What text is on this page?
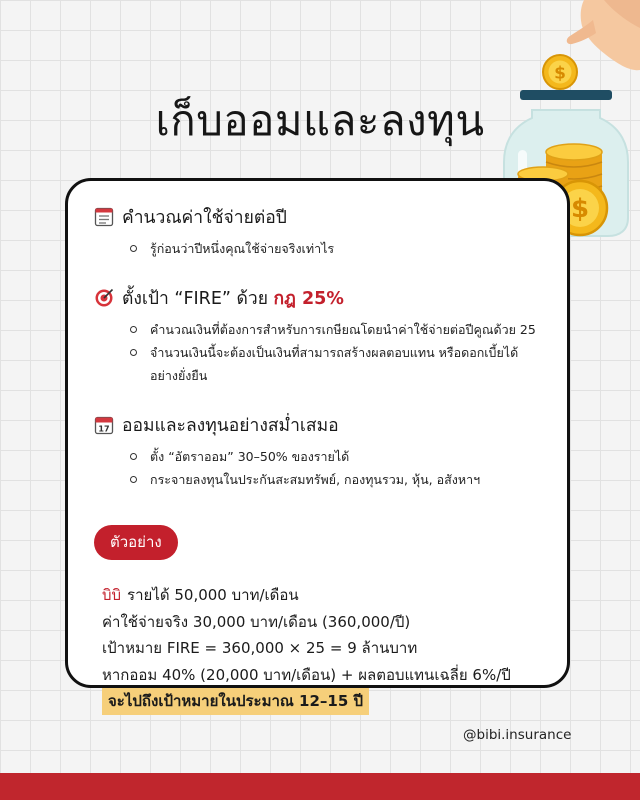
$
$
เก็บออมและลงทุน
คำนวณค่าใช้จ่ายต่อปี
รู้ก่อนว่าปีหนึ่งคุณใช้จ่ายจริงเท่าไร
ตั้งเป้า “FIRE” ด้วย กฎ 25%
คำนวณเงินที่ต้องการสำหรับการเกษียณโดยนำค่าใช้จ่ายต่อปีคูณด้วย 25
จำนวนเงินนี้จะต้องเป็นเงินที่สามารถสร้างผลตอบแทน หรือดอกเบี้ยได้อย่างยั่งยืน
17 ออมและลงทุนอย่างสม่ำเสมอ
ตั้ง “อัตราออม” 30–50% ของรายได้
กระจายลงทุนในประกันสะสมทรัพย์, กองทุนรวม, หุ้น, อสังหาฯ
ตัวอย่าง
บิบิ รายได้ 50,000 บาท/เดือน
ค่าใช้จ่ายจริง 30,000 บาท/เดือน (360,000/ปี)
เป้าหมาย FIRE = 360,000 × 25 = 9 ล้านบาท
หากออม 40% (20,000 บาท/เดือน) + ผลตอบแทนเฉลี่ย 6%/ปี
จะไปถึงเป้าหมายในประมาณ 12–15 ปี
@bibi.insurance
